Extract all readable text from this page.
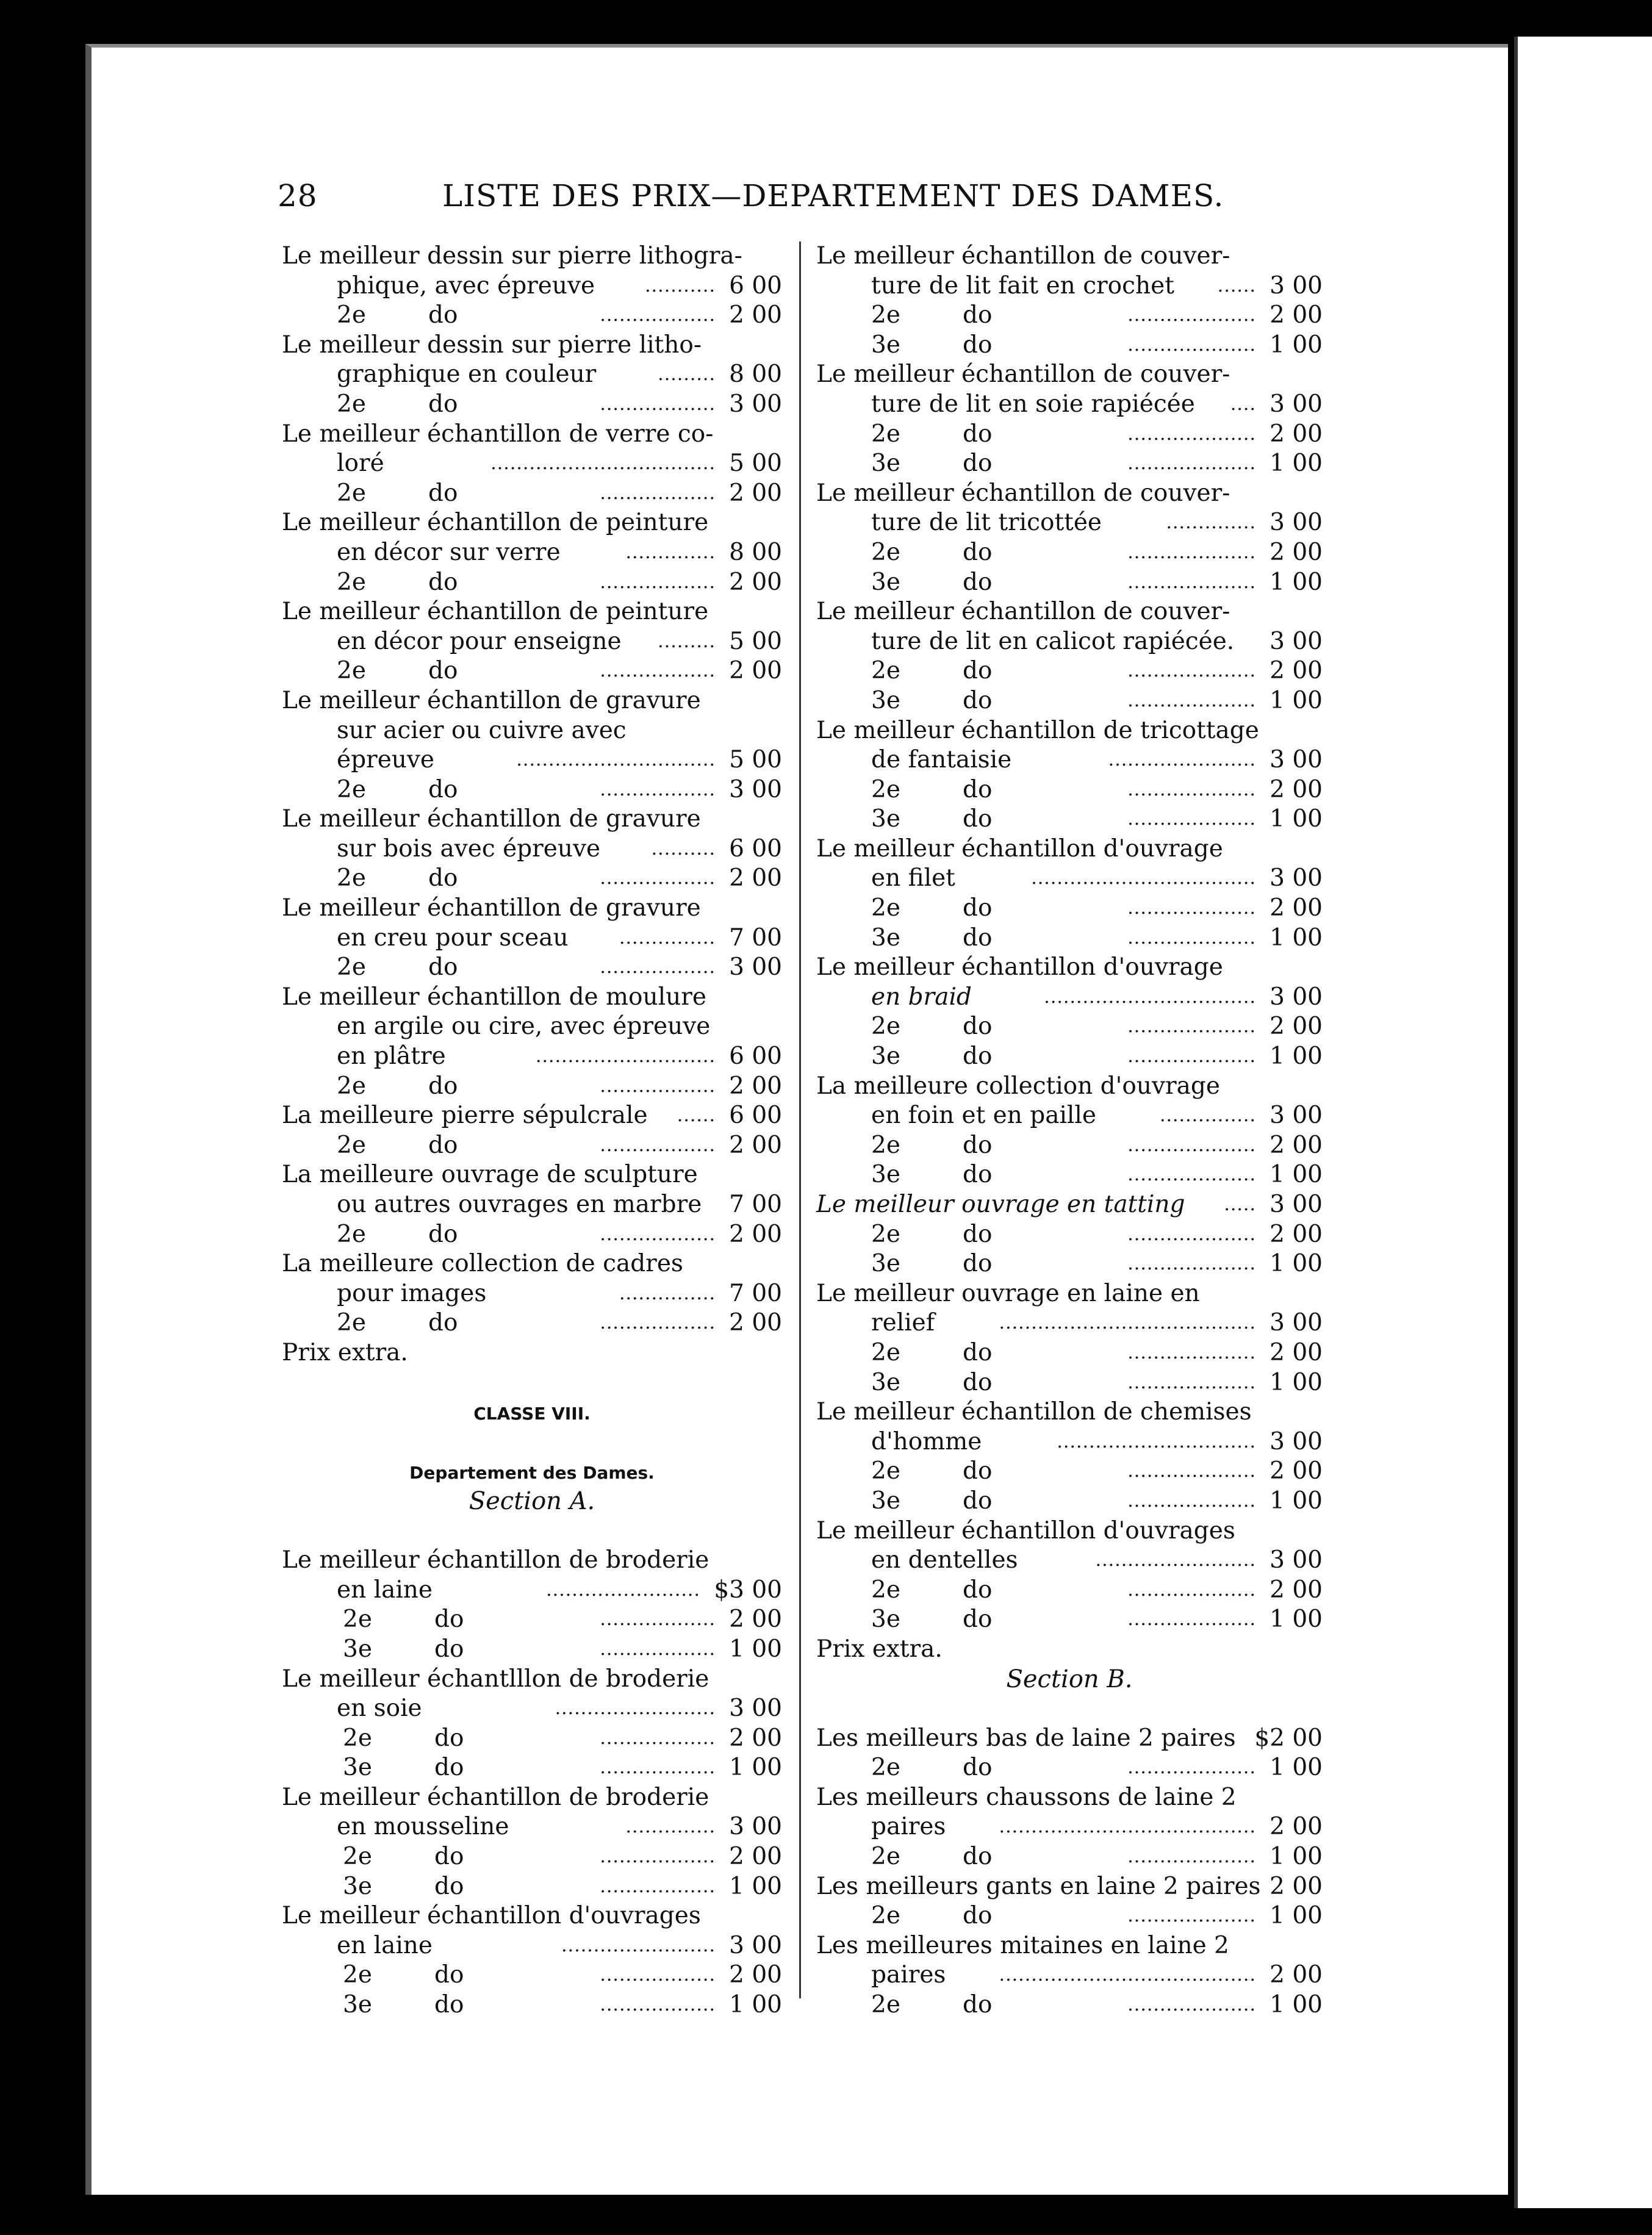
28	LISTE DES PRIX—DEPARTEMENT DES DAMES.
Le meilleur dessin sur pierre lithogra-
phique, avec épreuve	6 00
...........
2e	do	2 00
..................
Le meilleur dessin sur pierre litho-
graphique en couleur	8 00
.........
2e	do	3 00
..................
Le meilleur échantillon de verre co-
loré	5 00
...................................
2e	do	2 00
..................
Le meilleur échantillon de peinture
en décor sur verre	8 00
..............
2e	do	2 00
..................
Le meilleur échantillon de peinture
en décor pour enseigne	5 00
.........
2e	do	2 00
..................
Le meilleur échantillon de gravure
sur acier ou cuivre avec
épreuve	5 00
...............................
2e	do	3 00
..................
Le meilleur échantillon de gravure
sur bois avec épreuve	6 00
..........
2e	do	2 00
..................
Le meilleur échantillon de gravure
en creu pour sceau	7 00
...............
2e	do	3 00
..................
Le meilleur échantillon de moulure
en argile ou cire, avec épreuve
en plâtre	6 00
............................
2e	do	2 00
..................
La meilleure pierre sépulcrale	6 00
......
2e	do	2 00
..................
La meilleure ouvrage de sculpture
ou autres ouvrages en marbre 7 00
2e	do	2 00
..................
La meilleure collection de cadres
pour images	7 00
...............
2e	do	2 00
..................
Prix extra.
CLASSE VIII.
Departement des Dames.
Section A.
Le meilleur échantillon de broderie
en laine	$3 00
........................
2e	do	2 00
..................
3e	do	1 00
..................
Le meilleur échantlllon de broderie
en soie	3 00
.........................
2e	do	2 00
..................
3e	do	1 00
..................
Le meilleur échantillon de broderie
en mousseline	3 00
..............
2e	do	2 00
..................
3e	do	1 00
..................
Le meilleur échantillon d'ouvrages
en laine	3 00
........................
2e	do	2 00
..................
3e	do	1 00
..................
Le meilleur échantillon de couver-
ture de lit fait en crochet	3 00
......
2e	do	2 00
....................
3e	do	1 00
....................
Le meilleur échantillon de couver-
ture de lit en soie rapiécée	3 00
....
2e	do	2 00
....................
3e	do	1 00
....................
Le meilleur échantillon de couver-
ture de lit tricottée	3 00
..............
2e	do	2 00
....................
3e	do	1 00
....................
Le meilleur échantillon de couver-
ture de lit en calicot rapiécée. 3 00
2e	do	2 00
....................
3e	do	1 00
....................
Le meilleur échantillon de tricottage
de fantaisie	3 00
.......................
2e	do	2 00
....................
3e	do	1 00
....................
Le meilleur échantillon d'ouvrage
en filet	3 00
...................................
2e	do	2 00
....................
3e	do	1 00
....................
Le meilleur échantillon d'ouvrage
en braid	3 00
.................................
2e	do	2 00
....................
3e	do	1 00
....................
La meilleure collection d'ouvrage
en foin et en paille	3 00
...............
2e	do	2 00
....................
3e	do	1 00
....................
Le meilleur ouvrage en tatting	3 00
.....
2e	do	2 00
....................
3e	do	1 00
....................
Le meilleur ouvrage en laine en
relief	3 00
........................................
2e	do	2 00
....................
3e	do	1 00
....................
Le meilleur échantillon de chemises
d'homme	3 00
...............................
2e	do	2 00
....................
3e	do	1 00
....................
Le meilleur échantillon d'ouvrages
en dentelles	3 00
.........................
2e	do	2 00
....................
3e	do	1 00
....................
Prix extra.
Section B.
Les meilleurs bas de laine 2 paires $2 00
2e	do	1 00
....................
Les meilleurs chaussons de laine 2
paires	2 00
........................................
2e	do	1 00
....................
Les meilleurs gants en laine 2 paires 2 00
2e	do	1 00
....................
Les meilleures mitaines en laine 2
paires	2 00
........................................
2e	do	1 00
....................
